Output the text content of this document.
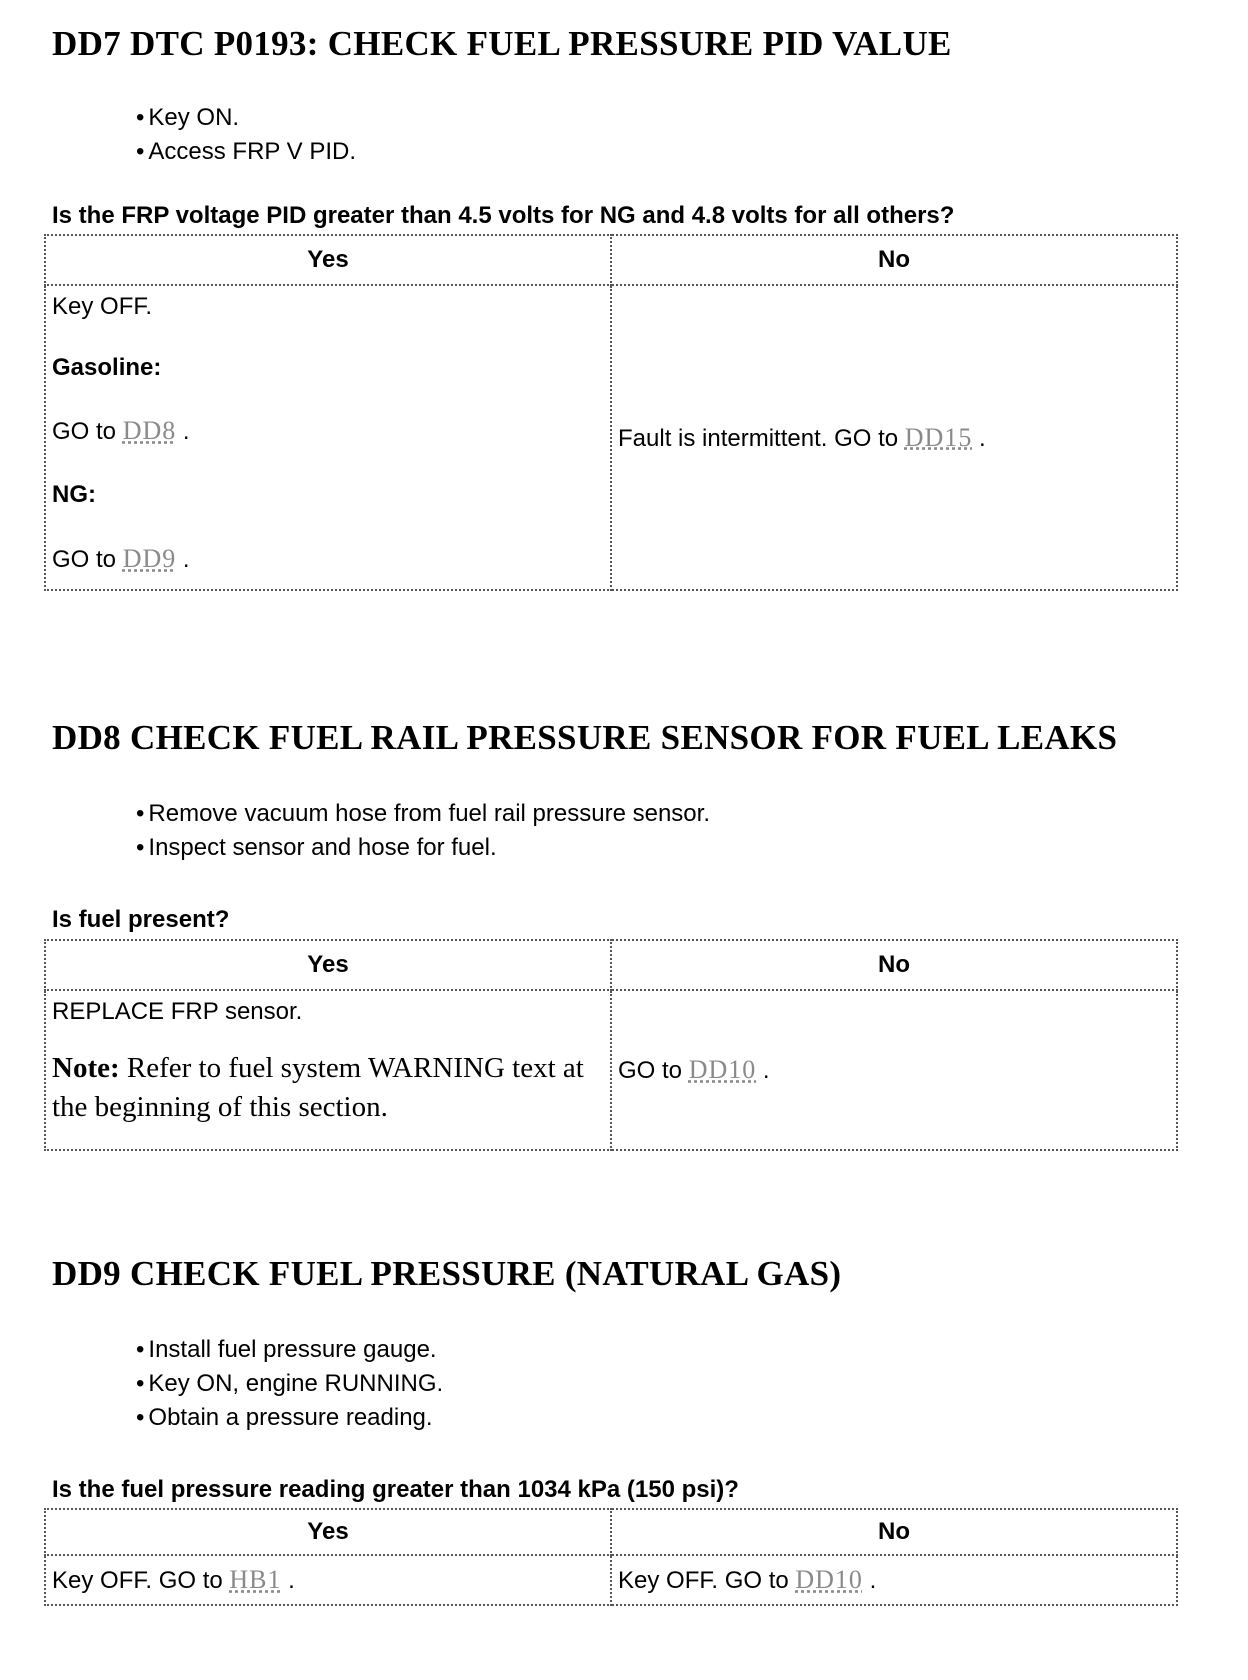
DD7 DTC P0193: CHECK FUEL PRESSURE PID VALUE
• Key ON.
• Access FRP V PID.
Is the FRP voltage PID greater than 4.5 volts for NG and 4.8 volts for all others?
Yes	No

Key OFF.
Gasoline:
GO to DD8 .
NG:
GO to DD9 .	Fault is intermittent. GO to DD15 .
DD8 CHECK FUEL RAIL PRESSURE SENSOR FOR FUEL LEAKS
• Remove vacuum hose from fuel rail pressure sensor.
• Inspect sensor and hose for fuel.
Is fuel present?
Yes	No

REPLACE FRP sensor.

Note: Refer to fuel system WARNING text at the beginning of this section.	GO to DD10 .
DD9 CHECK FUEL PRESSURE (NATURAL GAS)
• Install fuel pressure gauge.
• Key ON, engine RUNNING.
• Obtain a pressure reading.
Is the fuel pressure reading greater than 1034 kPa (150 psi)?
Yes	No
Key OFF. GO to HB1 .	Key OFF. GO to DD10 .
